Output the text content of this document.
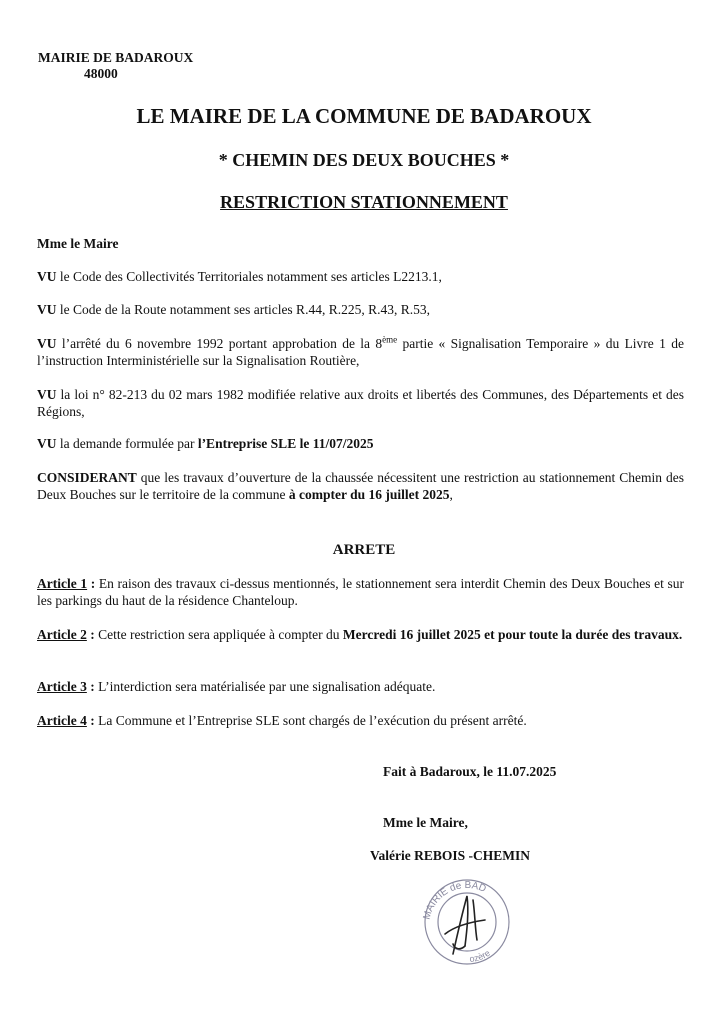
MAIRIE DE BADAROUX
48000
LE MAIRE DE LA COMMUNE DE BADAROUX
* CHEMIN DES DEUX BOUCHES *
RESTRICTION STATIONNEMENT
Mme le Maire
VU le Code des Collectivités Territoriales notamment ses articles L2213.1,
VU le Code de la Route notamment ses articles R.44, R.225, R.43, R.53,
VU l’arrêté du 6 novembre 1992 portant approbation de la 8ème partie « Signalisation Temporaire » du Livre 1 de l’instruction Interministérielle sur la Signalisation Routière,
VU la loi n° 82-213 du 02 mars 1982 modifiée relative aux droits et libertés des Communes, des Départements et des Régions,
VU la demande formulée par l’Entreprise SLE le 11/07/2025
CONSIDERANT que les travaux d’ouverture de la chaussée nécessitent une restriction au stationnement Chemin des Deux Bouches sur le territoire de la commune à compter du 16 juillet 2025,
ARRETE
Article 1 : En raison des travaux ci-dessus mentionnés, le stationnement sera interdit Chemin des Deux Bouches et sur les parkings du haut de la résidence Chanteloup.
Article 2 : Cette restriction sera appliquée à compter du Mercredi 16 juillet 2025 et pour toute la durée des travaux.
Article 3 : L’interdiction sera matérialisée par une signalisation adéquate.
Article 4 : La Commune et l’Entreprise SLE sont chargés de l’exécution du présent arrêté.
Fait à Badaroux, le 11.07.2025
Mme le Maire,
Valérie REBOIS -CHEMIN
MAIRIE de BAD
ozère
